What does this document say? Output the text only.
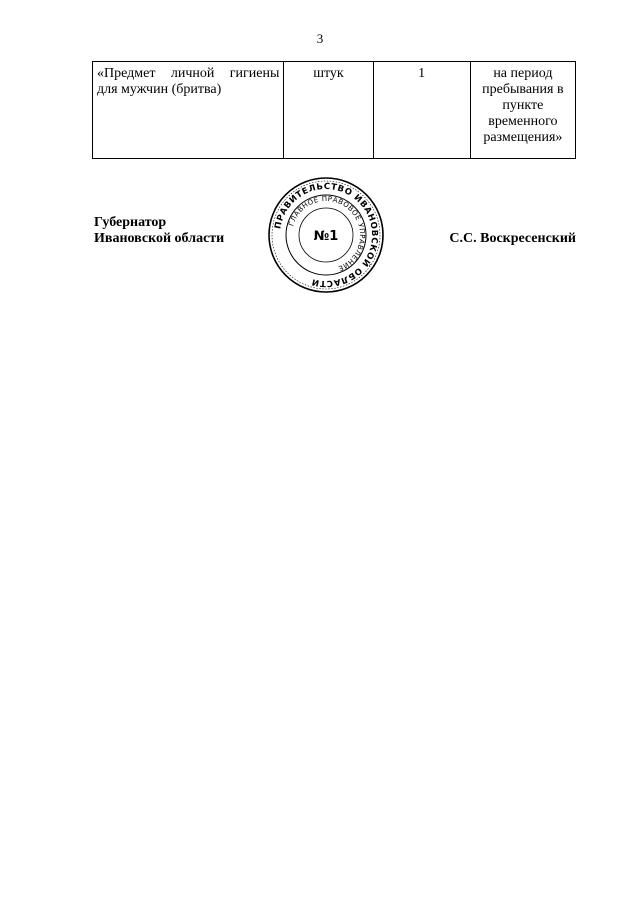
3
«Предмет личной гигиены для мужчин (бритва)	штук	1	на период пребывания в пункте временного размещения»
Губернатор
Ивановской области
ПРАВИТЕЛЬСТВО ИВАНОВСКОЙ ОБЛАСТИ
ГЛАВНОЕ ПРАВОВОЕ УПРАВЛЕНИЕ
№1	С.С. Воскресенский
